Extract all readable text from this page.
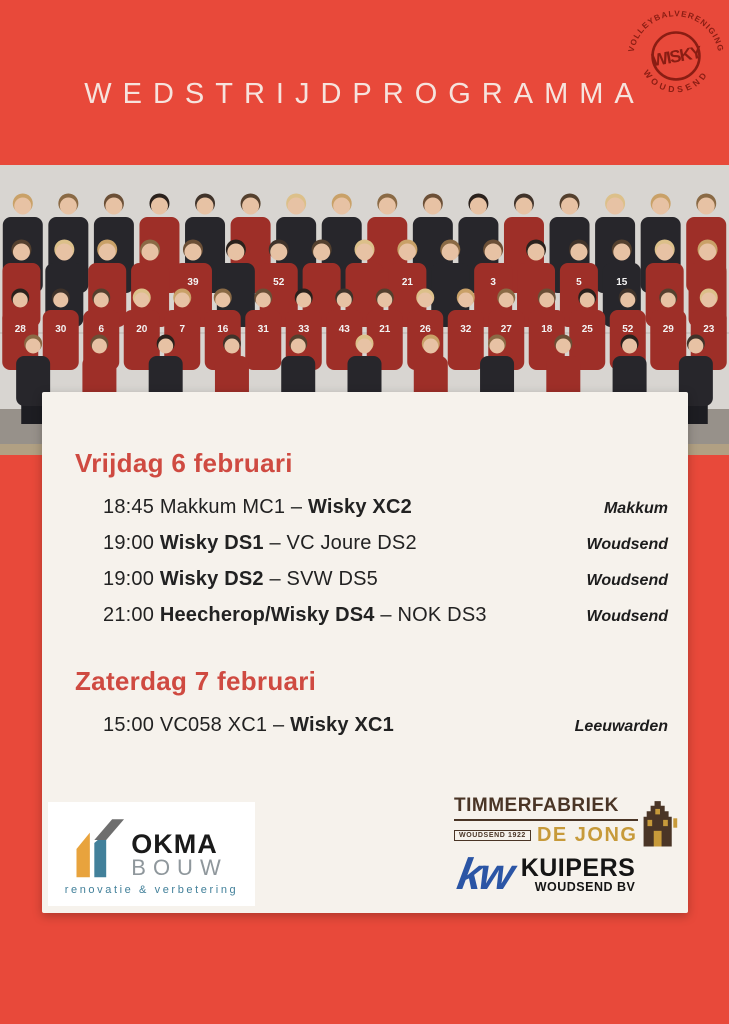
VOLLEYBALVERENIGING
WISKY
WOUDSEND
WEDSTRIJDPROGRAMMA
39	52	21	3	5	15
28	30	6	20	7	16	31	33	43	21	26	32	27	18	25	52	29	23
Vrijdag 6 februari
18:45 Makkum MC1 – Wisky XC2	Makkum
19:00 Wisky DS1 – VC Joure DS2	Woudsend
19:00 Wisky DS2 – SVW DS5	Woudsend
21:00 Heecherop/Wisky DS4 – NOK DS3	Woudsend
Zaterdag 7 februari
15:00 VC058 XC1 – Wisky XC1	Leeuwarden
OKMA
BOUW
renovatie & verbetering
TIMMERFABRIEK
WOUDSEND 1922 DE JONG
kw KUIPERS
WOUDSEND BV
